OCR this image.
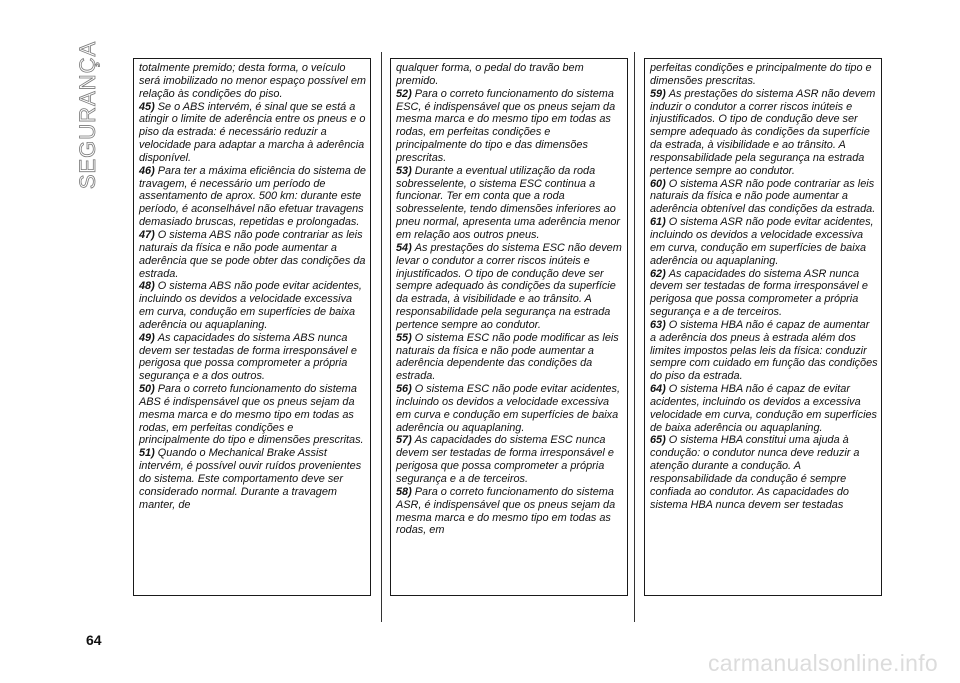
SEGURANÇA	totalmente premido; desta forma, o veículo será imobilizado no menor espaço possível em relação às condições do piso.

45) Se o ABS intervém, é sinal que se está a atingir o limite de aderência entre os pneus e o piso da estrada: é necessário reduzir a velocidade para adaptar a marcha à aderência disponível.

46) Para ter a máxima eficiência do sistema de travagem, é necessário um período de assentamento de aprox. 500 km: durante este período, é aconselhável não efetuar travagens demasiado bruscas, repetidas e prolongadas.

47) O sistema ABS não pode contrariar as leis naturais da física e não pode aumentar a aderência que se pode obter das condições da estrada.

48) O sistema ABS não pode evitar acidentes, incluindo os devidos a velocidade excessiva em curva, condução em superfícies de baixa aderência ou aquaplaning.

49) As capacidades do sistema ABS nunca devem ser testadas de forma irresponsável e perigosa que possa comprometer a própria segurança e a dos outros.

50) Para o correto funcionamento do sistema ABS é indispensável que os pneus sejam da mesma marca e do mesmo tipo em todas as rodas, em perfeitas condições e principalmente do tipo e dimensões prescritas.

51) Quando o Mechanical Brake Assist intervém, é possível ouvir ruídos provenientes do sistema. Este comportamento deve ser considerado normal. Durante a travagem manter, de

qualquer forma, o pedal do travão bem premido.

52) Para o correto funcionamento do sistema ESC, é indispensável que os pneus sejam da mesma marca e do mesmo tipo em todas as rodas, em perfeitas condições e principalmente do tipo e das dimensões prescritas.

53) Durante a eventual utilização da roda sobresselente, o sistema ESC continua a funcionar. Ter em conta que a roda sobresselente, tendo dimensões inferiores ao pneu normal, apresenta uma aderência menor em relação aos outros pneus.

54) As prestações do sistema ESC não devem levar o condutor a correr riscos inúteis e injustificados. O tipo de condução deve ser sempre adequado às condições da superfície da estrada, à visibilidade e ao trânsito. A responsabilidade pela segurança na estrada pertence sempre ao condutor.

55) O sistema ESC não pode modificar as leis naturais da física e não pode aumentar a aderência dependente das condições da estrada.

56) O sistema ESC não pode evitar acidentes, incluindo os devidos a velocidade excessiva em curva e condução em superfícies de baixa aderência ou aquaplaning.

57) As capacidades do sistema ESC nunca devem ser testadas de forma irresponsável e perigosa que possa comprometer a própria segurança e a de terceiros.

58) Para o correto funcionamento do sistema ASR, é indispensável que os pneus sejam da mesma marca e do mesmo tipo em todas as rodas, em

perfeitas condições e principalmente do tipo e dimensões prescritas.

59) As prestações do sistema ASR não devem induzir o condutor a correr riscos inúteis e injustificados. O tipo de condução deve ser sempre adequado às condições da superfície da estrada, à visibilidade e ao trânsito. A responsabilidade pela segurança na estrada pertence sempre ao condutor.

60) O sistema ASR não pode contrariar as leis naturais da física e não pode aumentar a aderência obtenível das condições da estrada.

61) O sistema ASR não pode evitar acidentes, incluindo os devidos a velocidade excessiva em curva, condução em superfícies de baixa aderência ou aquaplaning.

62) As capacidades do sistema ASR nunca devem ser testadas de forma irresponsável e perigosa que possa comprometer a própria segurança e a de terceiros.

63) O sistema HBA não é capaz de aumentar a aderência dos pneus à estrada além dos limites impostos pelas leis da física: conduzir sempre com cuidado em função das condições do piso da estrada.

64) O sistema HBA não é capaz de evitar acidentes, incluindo os devidos a excessiva velocidade em curva, condução em superfícies de baixa aderência ou aquaplaning.

65) O sistema HBA constitui uma ajuda à condução: o condutor nunca deve reduzir a atenção durante a condução. A responsabilidade da condução é sempre confiada ao condutor. As capacidades do sistema HBA nunca devem ser testadas

64
carmanualsonline.info
